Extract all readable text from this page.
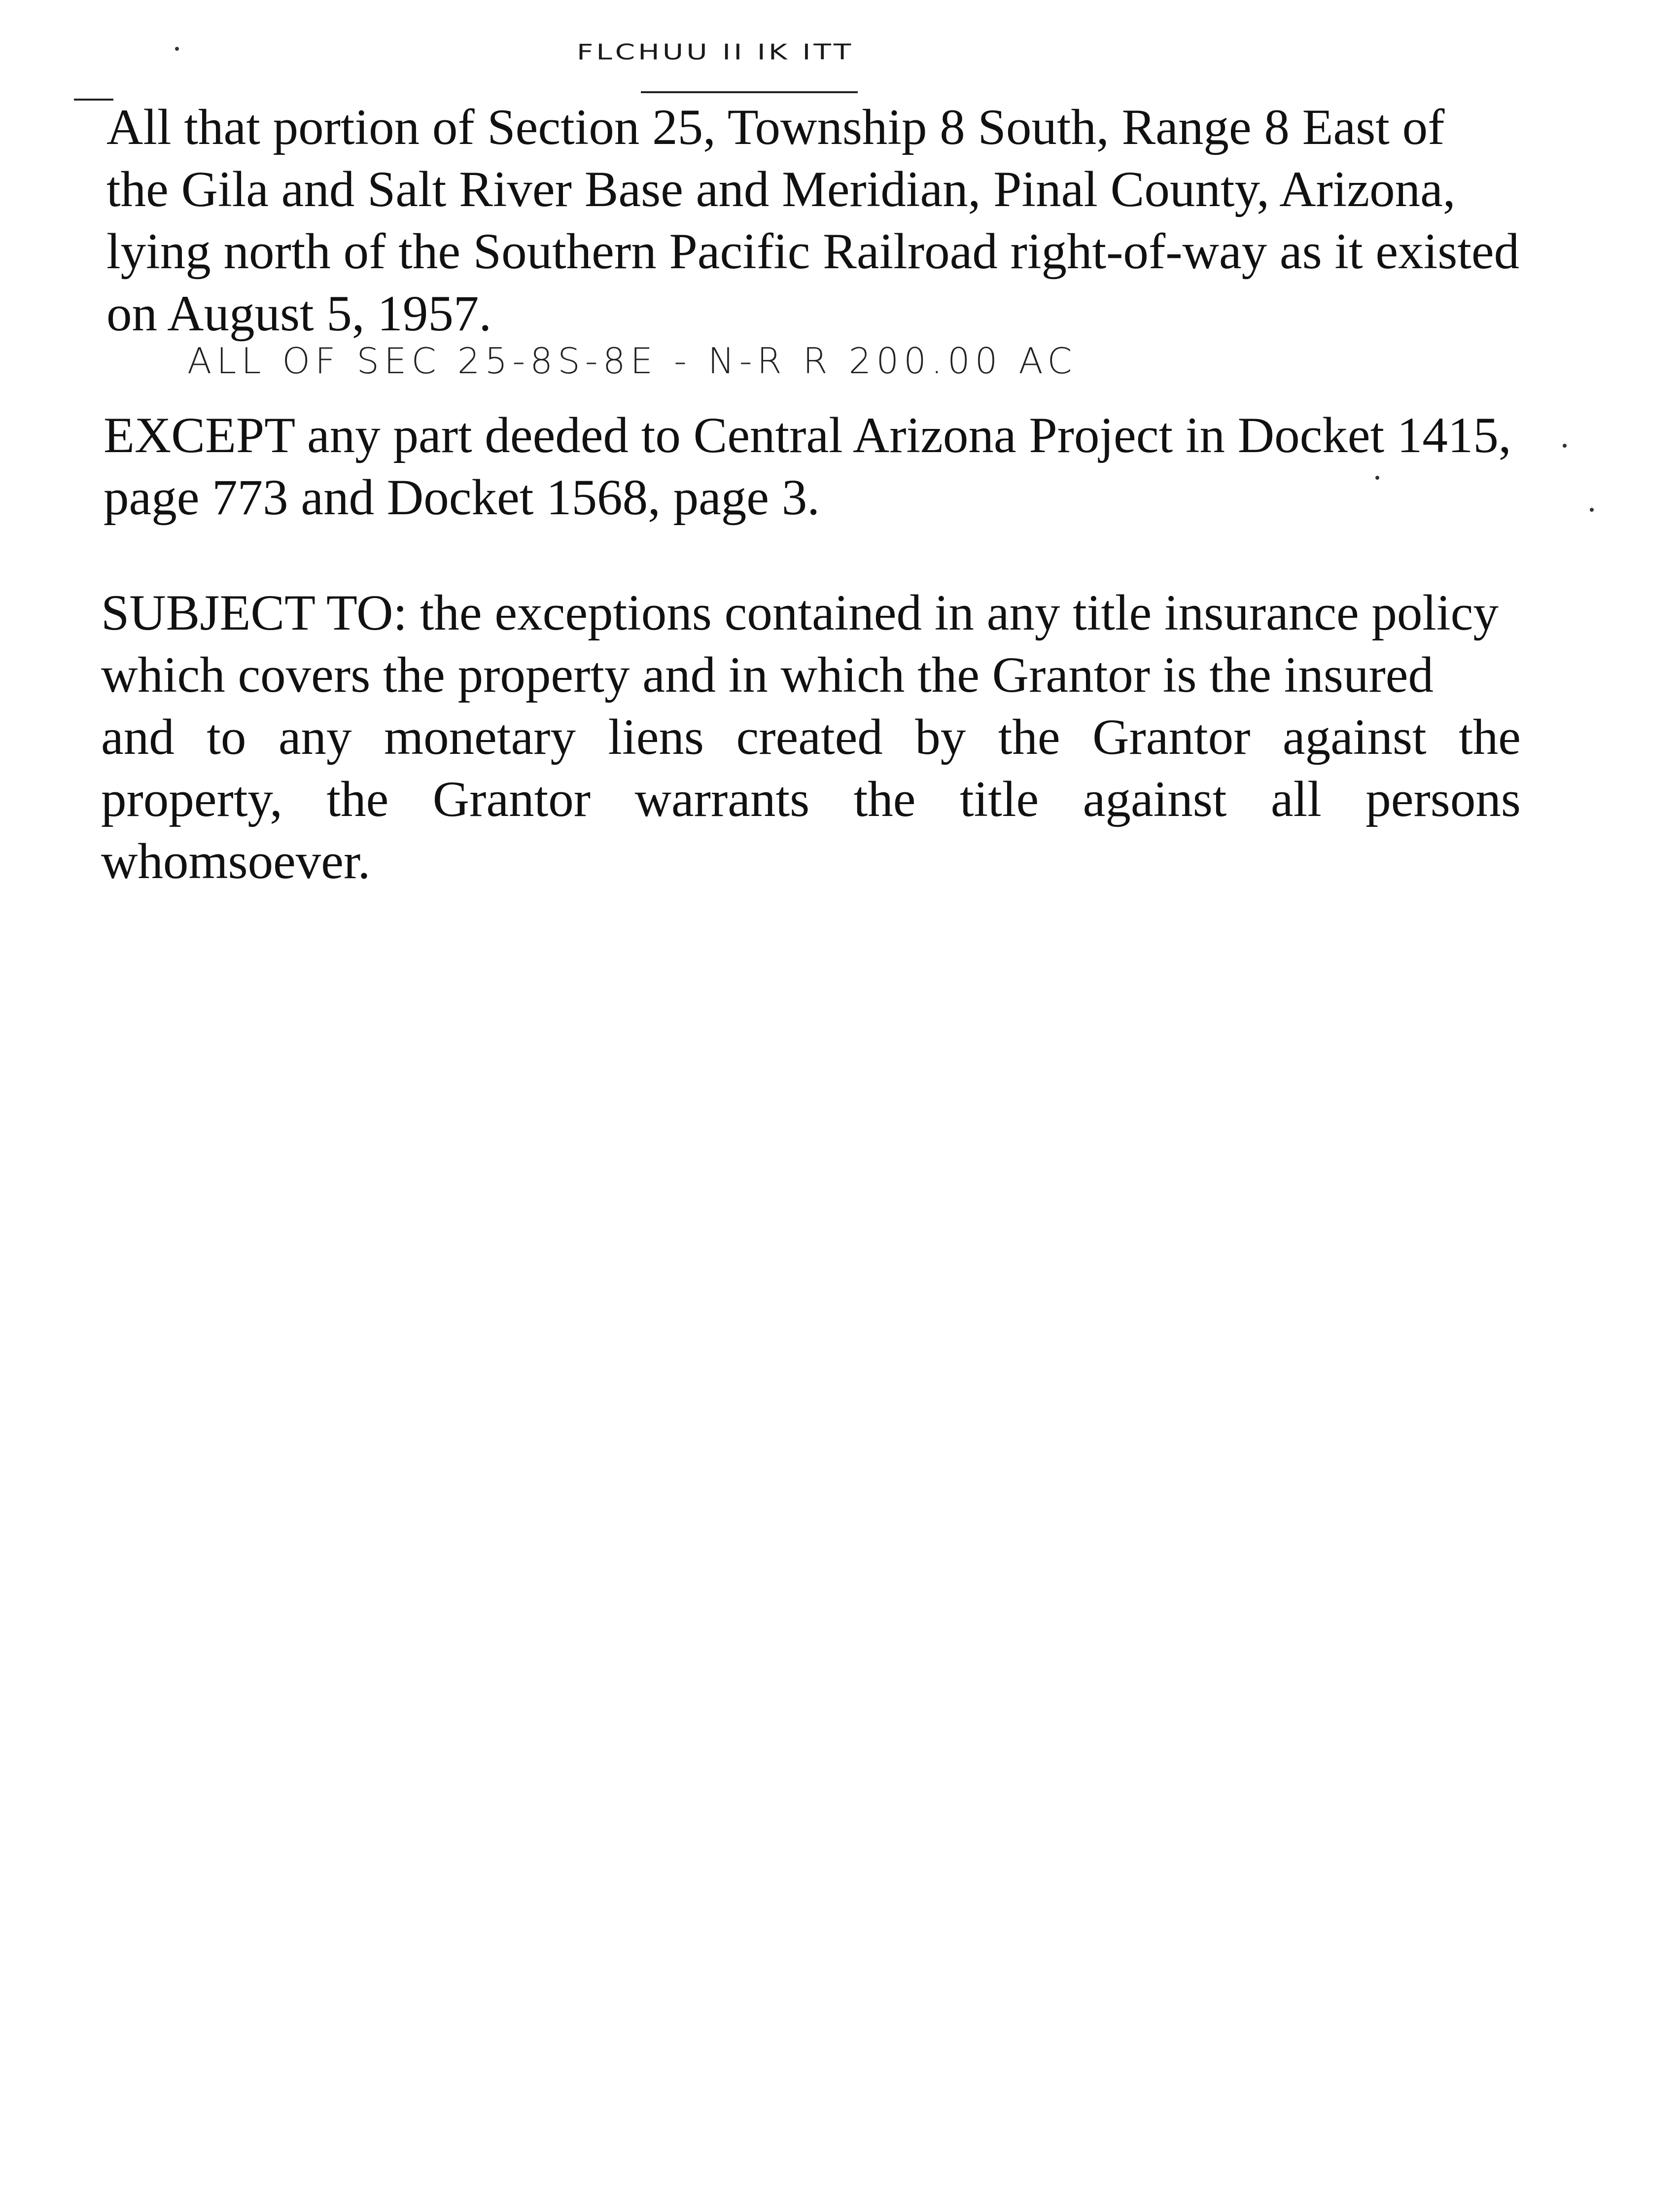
FLCHUU II IK ITT
All that portion of Section 25, Township 8 South, Range 8 East of
the Gila and Salt River Base and Meridian, Pinal County, Arizona,
lying north of the Southern Pacific Railroad right-of-way as it existed
on August 5, 1957.
ALL OF SEC 25-8S-8E - N-R R 200.00 AC
EXCEPT any part deeded to Central Arizona Project in Docket 1415,
page 773 and Docket 1568, page 3.
SUBJECT TO: the exceptions contained in any title insurance policy
which covers the property and in which the Grantor is the insured
and to any monetary liens created by the Grantor against the
property, the Grantor warrants the title against all persons
whomsoever.
